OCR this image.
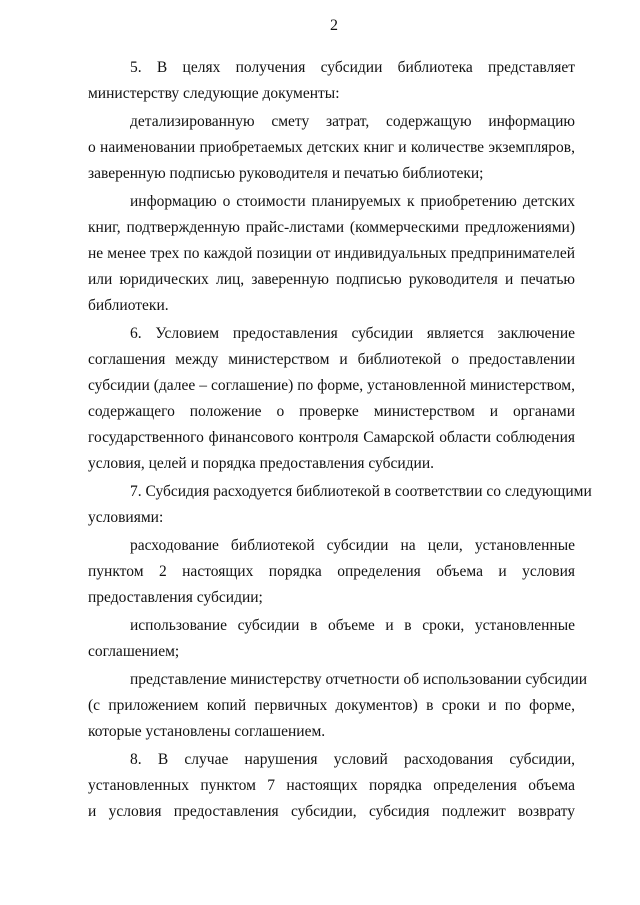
2
5. В целях получения субсидии библиотека представляет
министерству следующие документы:
детализированную смету затрат, содержащую информацию
о наименовании приобретаемых детских книг и количестве экземпляров,
заверенную подписью руководителя и печатью библиотеки;
информацию о стоимости планируемых к приобретению детских
книг, подтвержденную прайс-листами (коммерческими предложениями)
не менее трех по каждой позиции от индивидуальных предпринимателей
или юридических лиц, заверенную подписью руководителя и печатью
библиотеки.
6. Условием предоставления субсидии является заключение
соглашения между министерством и библиотекой о предоставлении
субсидии (далее – соглашение) по форме, установленной министерством,
содержащего положение о проверке министерством и органами
государственного финансового контроля Самарской области соблюдения
условия, целей и порядка предоставления субсидии.
7. Субсидия расходуется библиотекой в соответствии со следующими
условиями:
расходование библиотекой субсидии на цели, установленные
пунктом 2 настоящих порядка определения объема и условия
предоставления субсидии;
использование субсидии в объеме и в сроки, установленные
соглашением;
представление министерству отчетности об использовании субсидии
(с приложением копий первичных документов) в сроки и по форме,
которые установлены соглашением.
8. В случае нарушения условий расходования субсидии,
установленных пунктом 7 настоящих порядка определения объема
и условия предоставления субсидии, субсидия подлежит возврату
